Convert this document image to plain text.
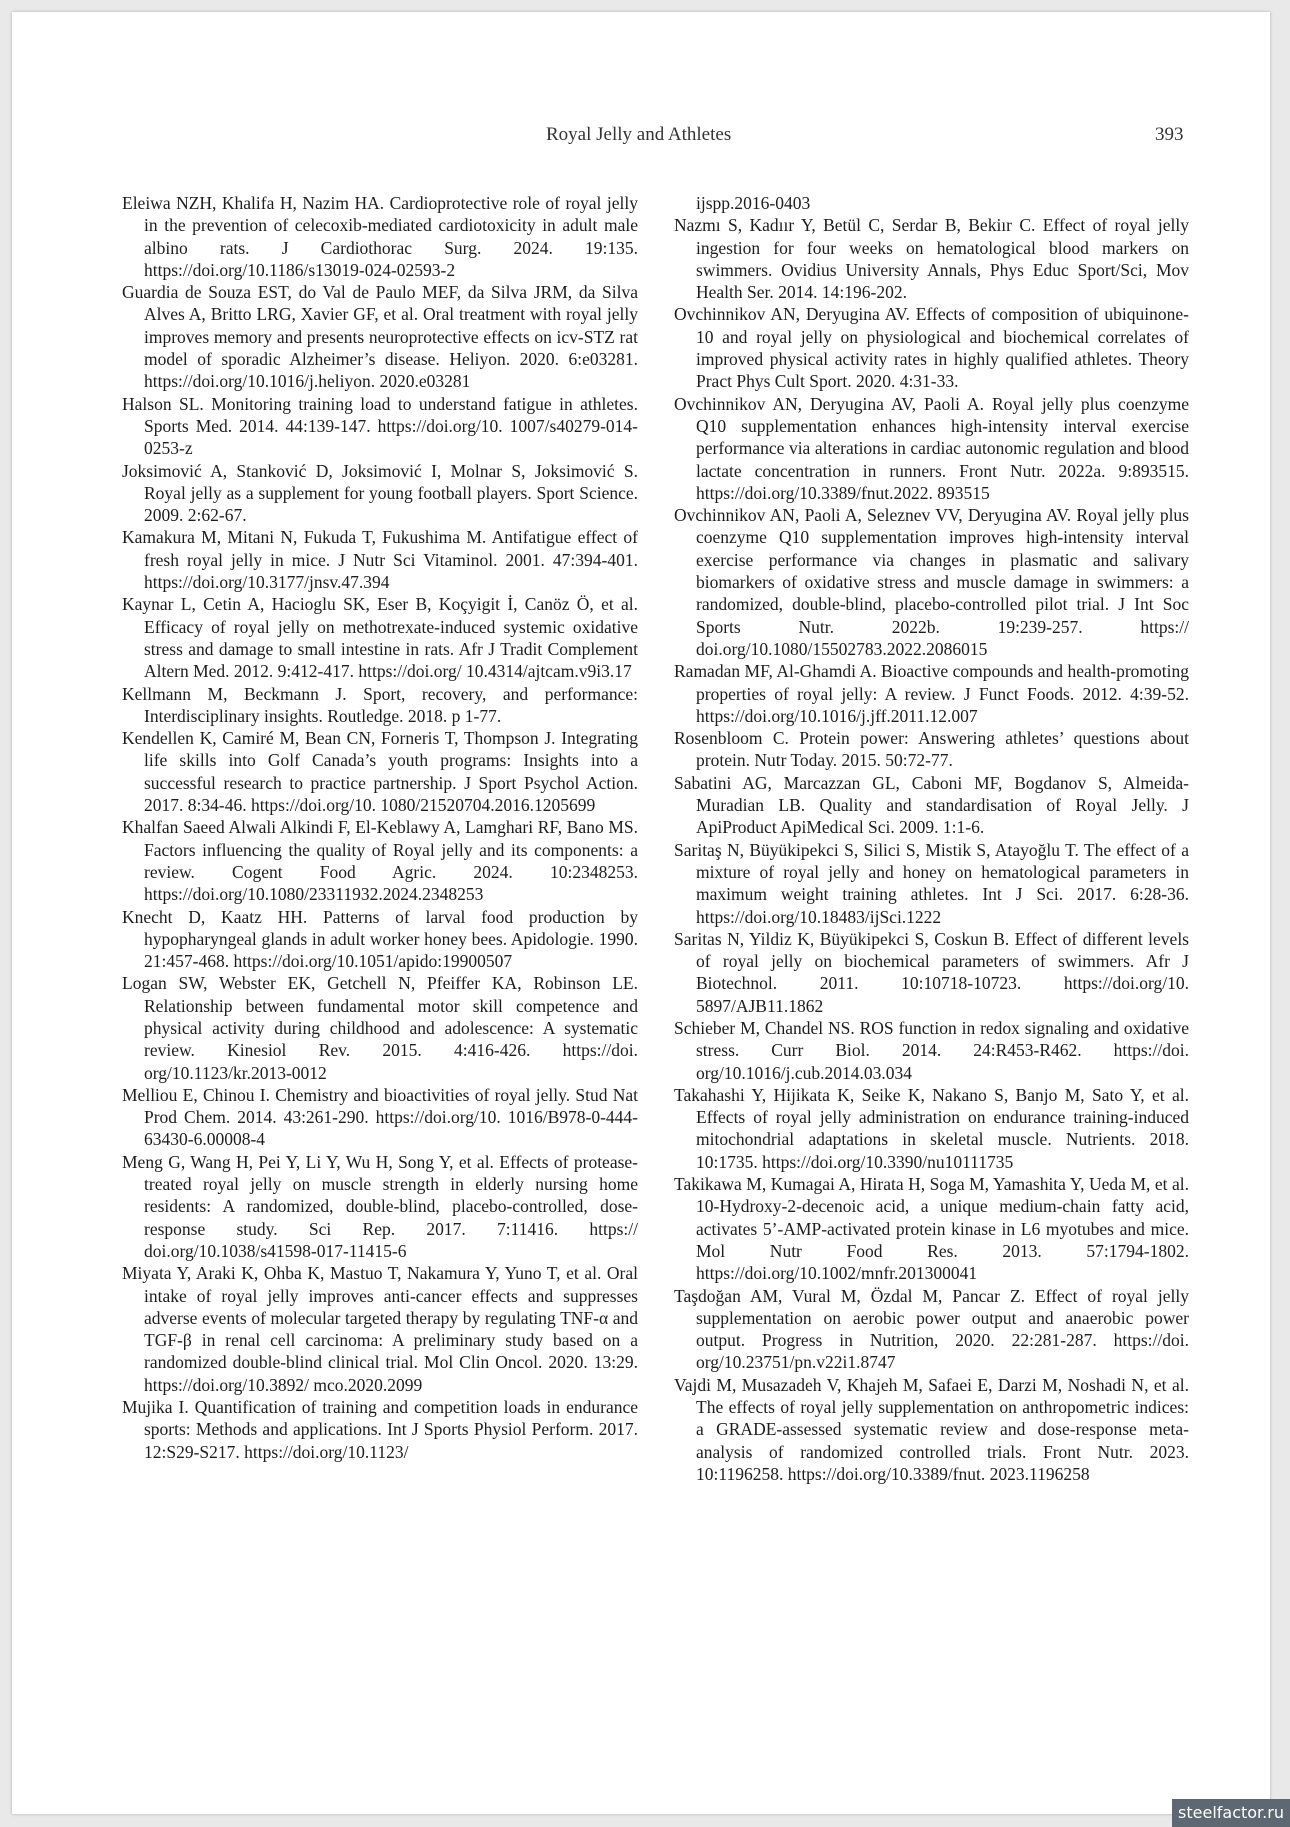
Royal Jelly and Athletes	393

Eleiwa NZH, Khalifa H, Nazim HA. Cardioprotective role of royal jelly in the prevention of celecoxib-mediated cardiotoxicity in adult male albino rats. J Cardiothorac Surg. 2024. 19:135. https://doi.org/10.1186/s13019-024-02593-2

Guardia de Souza EST, do Val de Paulo MEF, da Silva JRM, da Silva Alves A, Britto LRG, Xavier GF, et al. Oral treatment with royal jelly improves memory and presents neuroprotective effects on icv-STZ rat model of sporadic Alzheimer’s disease. Heliyon. 2020. 6:e03281. https://doi.org/10.1016/j.heliyon. 2020.e03281

Halson SL. Monitoring training load to understand fatigue in athletes. Sports Med. 2014. 44:139-147. https://doi.org/10. 1007/s40279-014-0253-z

Joksimović A, Stanković D, Joksimović I, Molnar S, Joksimović S. Royal jelly as a supplement for young football players. Sport Science. 2009. 2:62-67.

Kamakura M, Mitani N, Fukuda T, Fukushima M. Antifatigue effect of fresh royal jelly in mice. J Nutr Sci Vitaminol. 2001. 47:394-401. https://doi.org/10.3177/jnsv.47.394

Kaynar L, Cetin A, Hacioglu SK, Eser B, Koçyigit İ, Canöz Ö, et al. Efficacy of royal jelly on methotrexate-induced systemic oxidative stress and damage to small intestine in rats. Afr J Tradit Complement Altern Med. 2012. 9:412-417. https://doi.org/ 10.4314/ajtcam.v9i3.17

Kellmann M, Beckmann J. Sport, recovery, and performance: Interdisciplinary insights. Routledge. 2018. p 1-77.

Kendellen K, Camiré M, Bean CN, Forneris T, Thompson J. Integrating life skills into Golf Canada’s youth programs: Insights into a successful research to practice partnership. J Sport Psychol Action. 2017. 8:34-46. https://doi.org/10. 1080/21520704.2016.1205699

Khalfan Saeed Alwali Alkindi F, El-Keblawy A, Lamghari RF, Bano MS. Factors influencing the quality of Royal jelly and its components: a review. Cogent Food Agric. 2024. 10:2348253. https://doi.org/10.1080/23311932.2024.2348253

Knecht D, Kaatz HH. Patterns of larval food production by hypopharyngeal glands in adult worker honey bees. Apidologie. 1990. 21:457-468. https://doi.org/10.1051/apido:19900507

Logan SW, Webster EK, Getchell N, Pfeiffer KA, Robinson LE. Relationship between fundamental motor skill competence and physical activity during childhood and adolescence: A systematic review. Kinesiol Rev. 2015. 4:416-426. https://doi. org/10.1123/kr.2013-0012

Melliou E, Chinou I. Chemistry and bioactivities of royal jelly. Stud Nat Prod Chem. 2014. 43:261-290. https://doi.org/10. 1016/B978-0-444-63430-6.00008-4

Meng G, Wang H, Pei Y, Li Y, Wu H, Song Y, et al. Effects of protease-treated royal jelly on muscle strength in elderly nursing home residents: A randomized, double-blind, placebo-controlled, dose-response study. Sci Rep. 2017. 7:11416. https:// doi.org/10.1038/s41598-017-11415-6

Miyata Y, Araki K, Ohba K, Mastuo T, Nakamura Y, Yuno T, et al. Oral intake of royal jelly improves anti-cancer effects and suppresses adverse events of molecular targeted therapy by regulating TNF-α and TGF-β in renal cell carcinoma: A preliminary study based on a randomized double-blind clinical trial. Mol Clin Oncol. 2020. 13:29. https://doi.org/10.3892/ mco.2020.2099

Mujika I. Quantification of training and competition loads in endurance sports: Methods and applications. Int J Sports Physiol Perform. 2017. 12:S29-S217. https://doi.org/10.1123/

ijspp.2016-0403

Nazmı S, Kadıır Y, Betül C, Serdar B, Bekiır C. Effect of royal jelly ingestion for four weeks on hematological blood markers on swimmers. Ovidius University Annals, Phys Educ Sport/Sci, Mov Health Ser. 2014. 14:196-202.

Ovchinnikov AN, Deryugina AV. Effects of composition of ubiquinone-10 and royal jelly on physiological and biochemical correlates of improved physical activity rates in highly qualified athletes. Theory Pract Phys Cult Sport. 2020. 4:31-33.

Ovchinnikov AN, Deryugina AV, Paoli A. Royal jelly plus coenzyme Q10 supplementation enhances high-intensity interval exercise performance via alterations in cardiac autonomic regulation and blood lactate concentration in runners. Front Nutr. 2022a. 9:893515. https://doi.org/10.3389/fnut.2022. 893515

Ovchinnikov AN, Paoli A, Seleznev VV, Deryugina AV. Royal jelly plus coenzyme Q10 supplementation improves high-intensity interval exercise performance via changes in plasmatic and salivary biomarkers of oxidative stress and muscle damage in swimmers: a randomized, double-blind, placebo-controlled pilot trial. J Int Soc Sports Nutr. 2022b. 19:239-257. https:// doi.org/10.1080/15502783.2022.2086015

Ramadan MF, Al-Ghamdi A. Bioactive compounds and health-promoting properties of royal jelly: A review. J Funct Foods. 2012. 4:39-52. https://doi.org/10.1016/j.jff.2011.12.007

Rosenbloom C. Protein power: Answering athletes’ questions about protein. Nutr Today. 2015. 50:72-77.

Sabatini AG, Marcazzan GL, Caboni MF, Bogdanov S, Almeida-Muradian LB. Quality and standardisation of Royal Jelly. J ApiProduct ApiMedical Sci. 2009. 1:1-6.

Saritaş N, Büyükipekci S, Silici S, Mistik S, Atayoğlu T. The effect of a mixture of royal jelly and honey on hematological parameters in maximum weight training athletes. Int J Sci. 2017. 6:28-36. https://doi.org/10.18483/ijSci.1222

Saritas N, Yildiz K, Büyükipekci S, Coskun B. Effect of different levels of royal jelly on biochemical parameters of swimmers. Afr J Biotechnol. 2011. 10:10718-10723. https://doi.org/10. 5897/AJB11.1862

Schieber M, Chandel NS. ROS function in redox signaling and oxidative stress. Curr Biol. 2014. 24:R453-R462. https://doi. org/10.1016/j.cub.2014.03.034

Takahashi Y, Hijikata K, Seike K, Nakano S, Banjo M, Sato Y, et al. Effects of royal jelly administration on endurance training-induced mitochondrial adaptations in skeletal muscle. Nutrients. 2018. 10:1735. https://doi.org/10.3390/nu10111735

Takikawa M, Kumagai A, Hirata H, Soga M, Yamashita Y, Ueda M, et al. 10-Hydroxy-2-decenoic acid, a unique medium-chain fatty acid, activates 5’-AMP-activated protein kinase in L6 myotubes and mice. Mol Nutr Food Res. 2013. 57:1794-1802. https://doi.org/10.1002/mnfr.201300041

Taşdoğan AM, Vural M, Özdal M, Pancar Z. Effect of royal jelly supplementation on aerobic power output and anaerobic power output. Progress in Nutrition, 2020. 22:281-287. https://doi. org/10.23751/pn.v22i1.8747

Vajdi M, Musazadeh V, Khajeh M, Safaei E, Darzi M, Noshadi N, et al. The effects of royal jelly supplementation on anthropometric indices: a GRADE-assessed systematic review and dose-response meta-analysis of randomized controlled trials. Front Nutr. 2023. 10:1196258. https://doi.org/10.3389/fnut. 2023.1196258

steelfactor.ru
